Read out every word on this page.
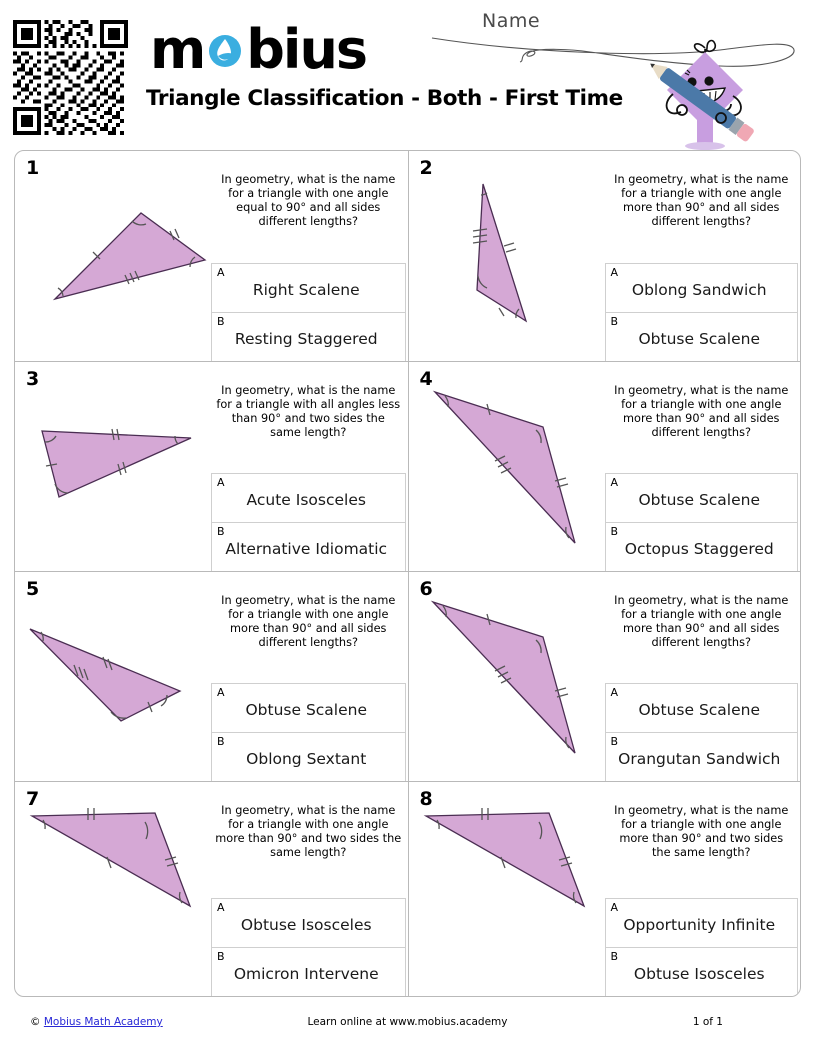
m bius
Triangle Classification - Both - First Time
Name
1
In geometry, what is the name for a triangle with one angle equal to 90° and all sides different lengths?
A
Right Scalene
B
Resting Staggered
2
In geometry, what is the name for a triangle with one angle more than 90° and all sides different lengths?
A
Oblong Sandwich
B
Obtuse Scalene
3
In geometry, what is the name for a triangle with all angles less than 90° and two sides the same length?
A
Acute Isosceles
B
Alternative Idiomatic
4
In geometry, what is the name for a triangle with one angle more than 90° and all sides different lengths?
A
Obtuse Scalene
B
Octopus Staggered
5
In geometry, what is the name for a triangle with one angle more than 90° and all sides different lengths?
A
Obtuse Scalene
B
Oblong Sextant
6
In geometry, what is the name for a triangle with one angle more than 90° and all sides different lengths?
A
Obtuse Scalene
B
Orangutan Sandwich
7
In geometry, what is the name for a triangle with one angle more than 90° and two sides the same length?
A
Obtuse Isosceles
B
Omicron Intervene
8
In geometry, what is the name for a triangle with one angle more than 90° and two sides the same length?
A
Opportunity Infinite
B
Obtuse Isosceles
© Mobius Math Academy	Learn online at www.mobius.academy	1 of 1
